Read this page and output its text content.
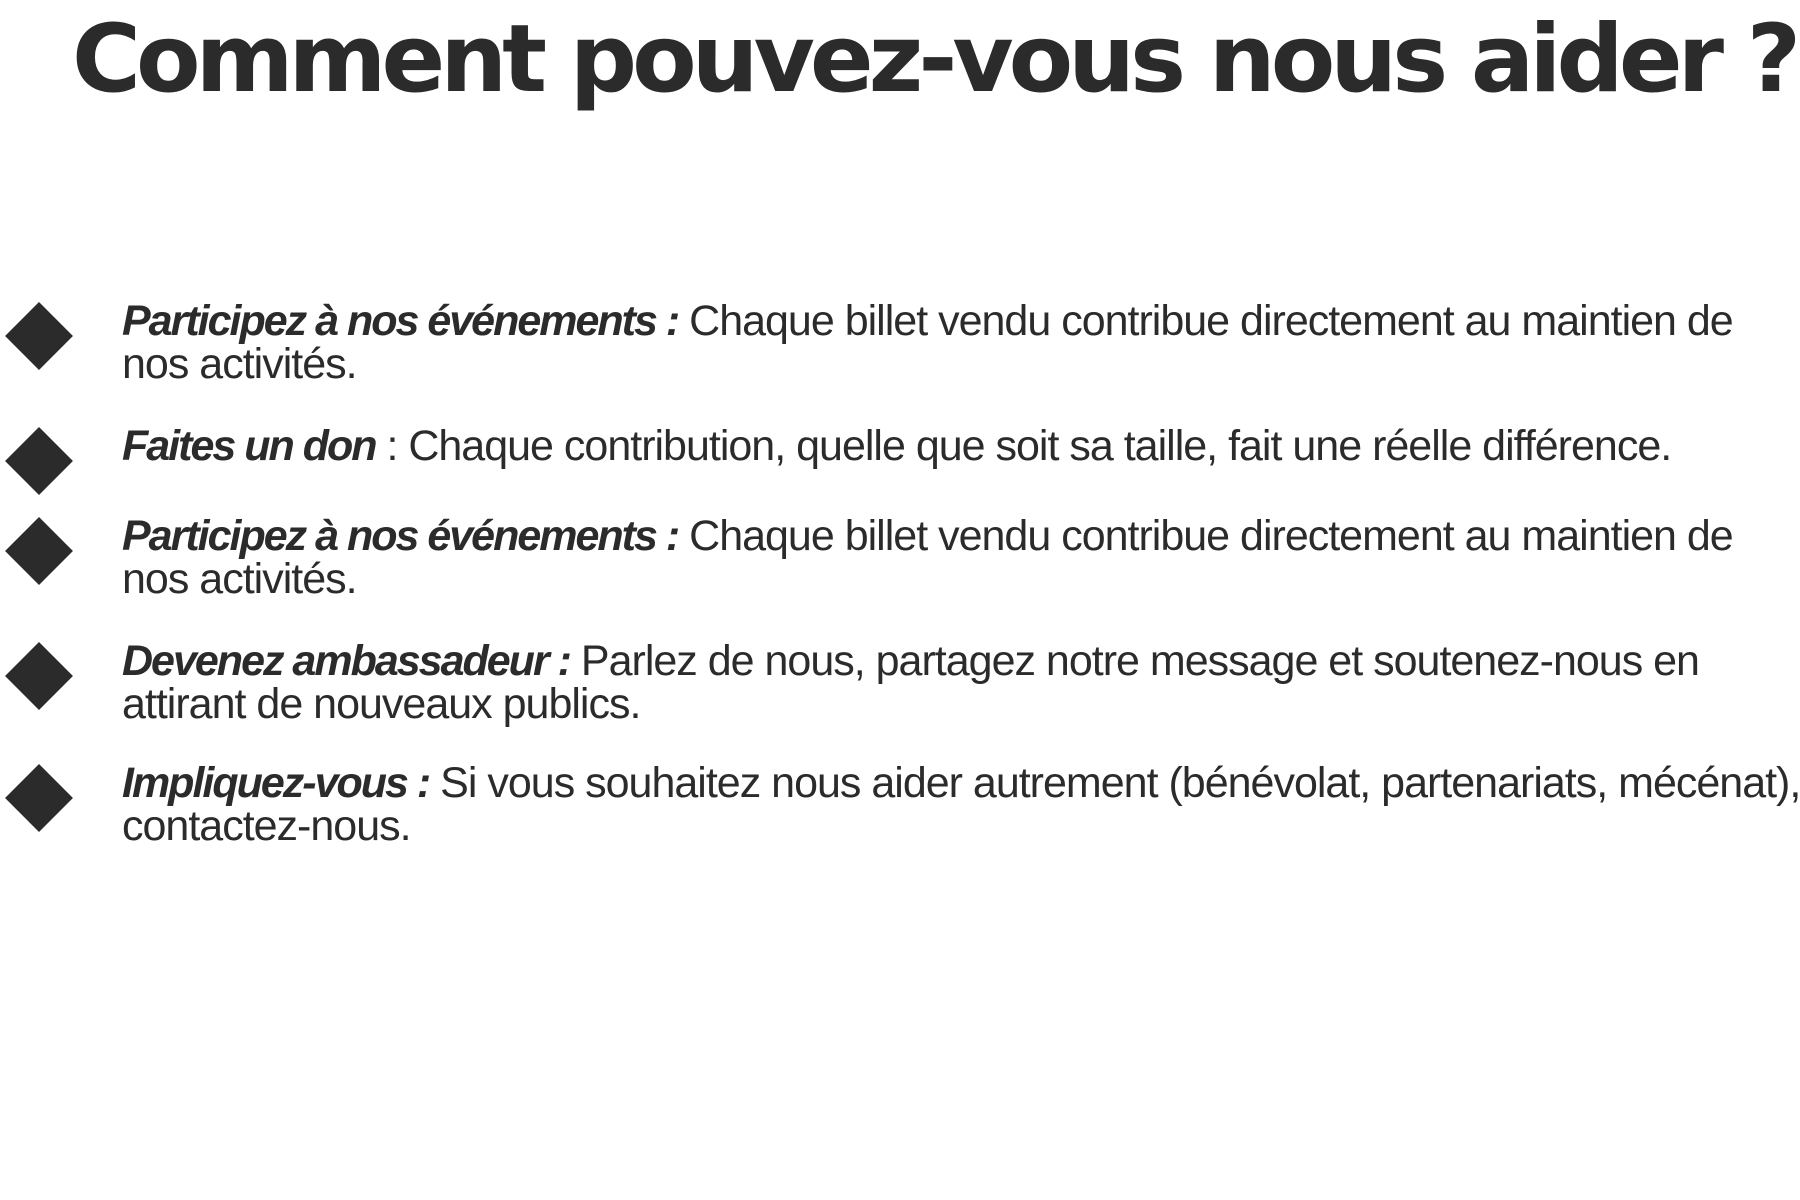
Comment pouvez-vous nous aider ?

Participez à nos événements : Chaque billet vendu contribue directement au maintien de nos activités.

Faites un don : Chaque contribution, quelle que soit sa taille, fait une réelle différence.

Participez à nos événements : Chaque billet vendu contribue directement au maintien de nos activités.

Devenez ambassadeur : Parlez de nous, partagez notre message et soutenez-nous en attirant de nouveaux publics.

Impliquez-vous : Si vous souhaitez nous aider autrement (bénévolat, partenariats, mécénat), contactez-nous.
